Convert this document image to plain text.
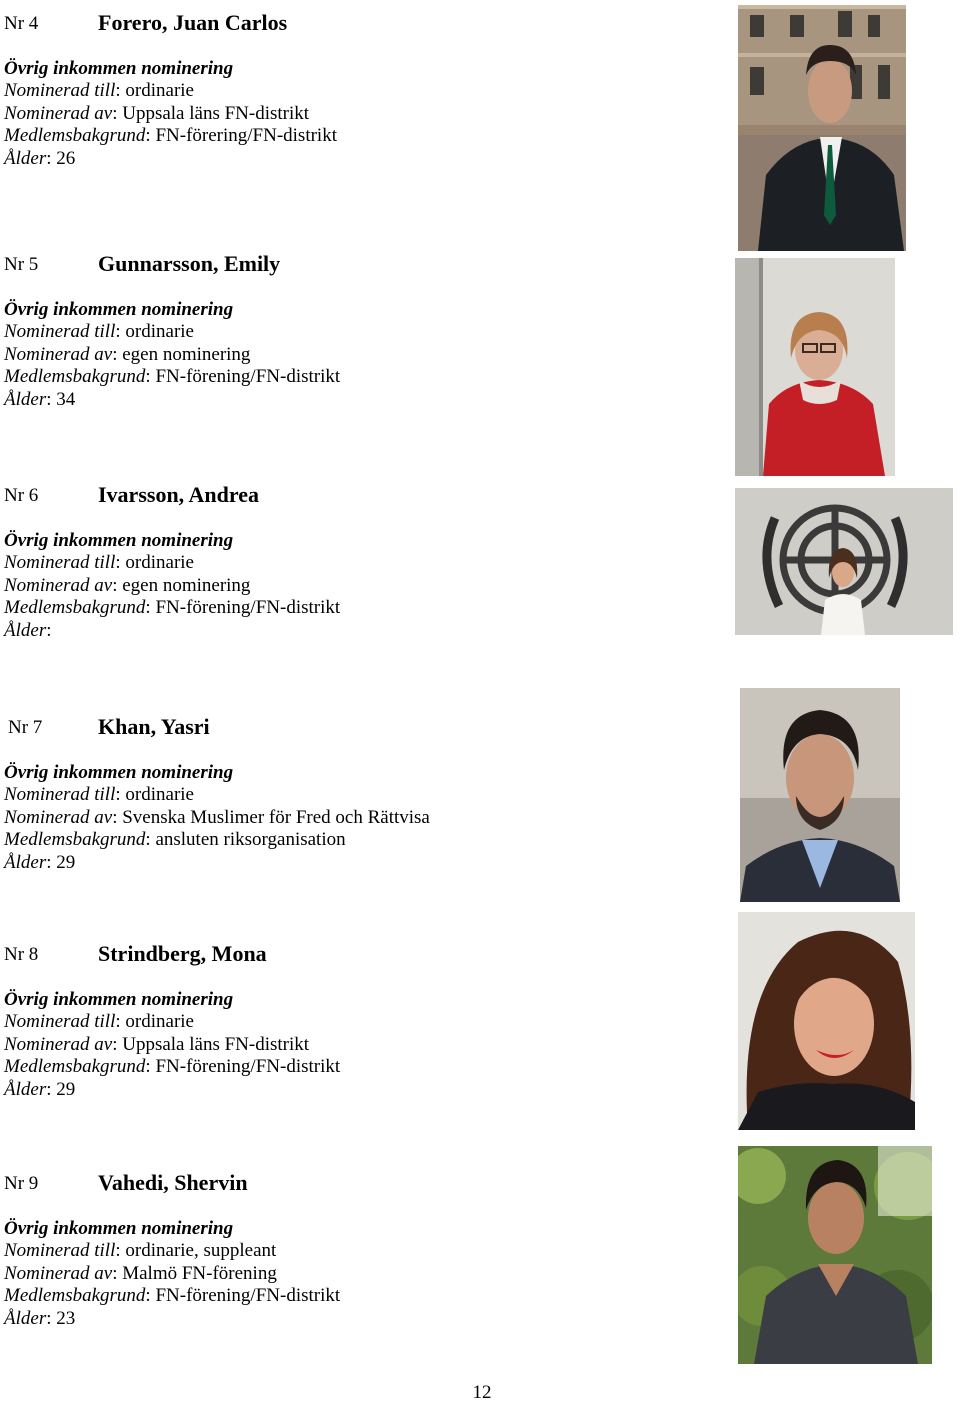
Nr 4	Forero, Juan Carlos
Övrig inkommen nominering
Nominerad till: ordinarie
Nominerad av: Uppsala läns FN-distrikt
Medlemsbakgrund: FN-förering/FN-distrikt
Ålder: 26
Nr 5	Gunnarsson, Emily
Övrig inkommen nominering
Nominerad till: ordinarie
Nominerad av: egen nominering
Medlemsbakgrund: FN-förening/FN-distrikt
Ålder: 34
Nr 6	Ivarsson, Andrea
Övrig inkommen nominering
Nominerad till: ordinarie
Nominerad av: egen nominering
Medlemsbakgrund: FN-förening/FN-distrikt
Ålder:
Nr 7	Khan, Yasri
Övrig inkommen nominering
Nominerad till: ordinarie
Nominerad av: Svenska Muslimer för Fred och Rättvisa
Medlemsbakgrund: ansluten riksorganisation
Ålder: 29
Nr 8	Strindberg, Mona
Övrig inkommen nominering
Nominerad till: ordinarie
Nominerad av: Uppsala läns FN-distrikt
Medlemsbakgrund: FN-förening/FN-distrikt
Ålder: 29
Nr 9	Vahedi, Shervin
Övrig inkommen nominering
Nominerad till: ordinarie, suppleant
Nominerad av: Malmö FN-förening
Medlemsbakgrund: FN-förening/FN-distrikt
Ålder: 23
12
